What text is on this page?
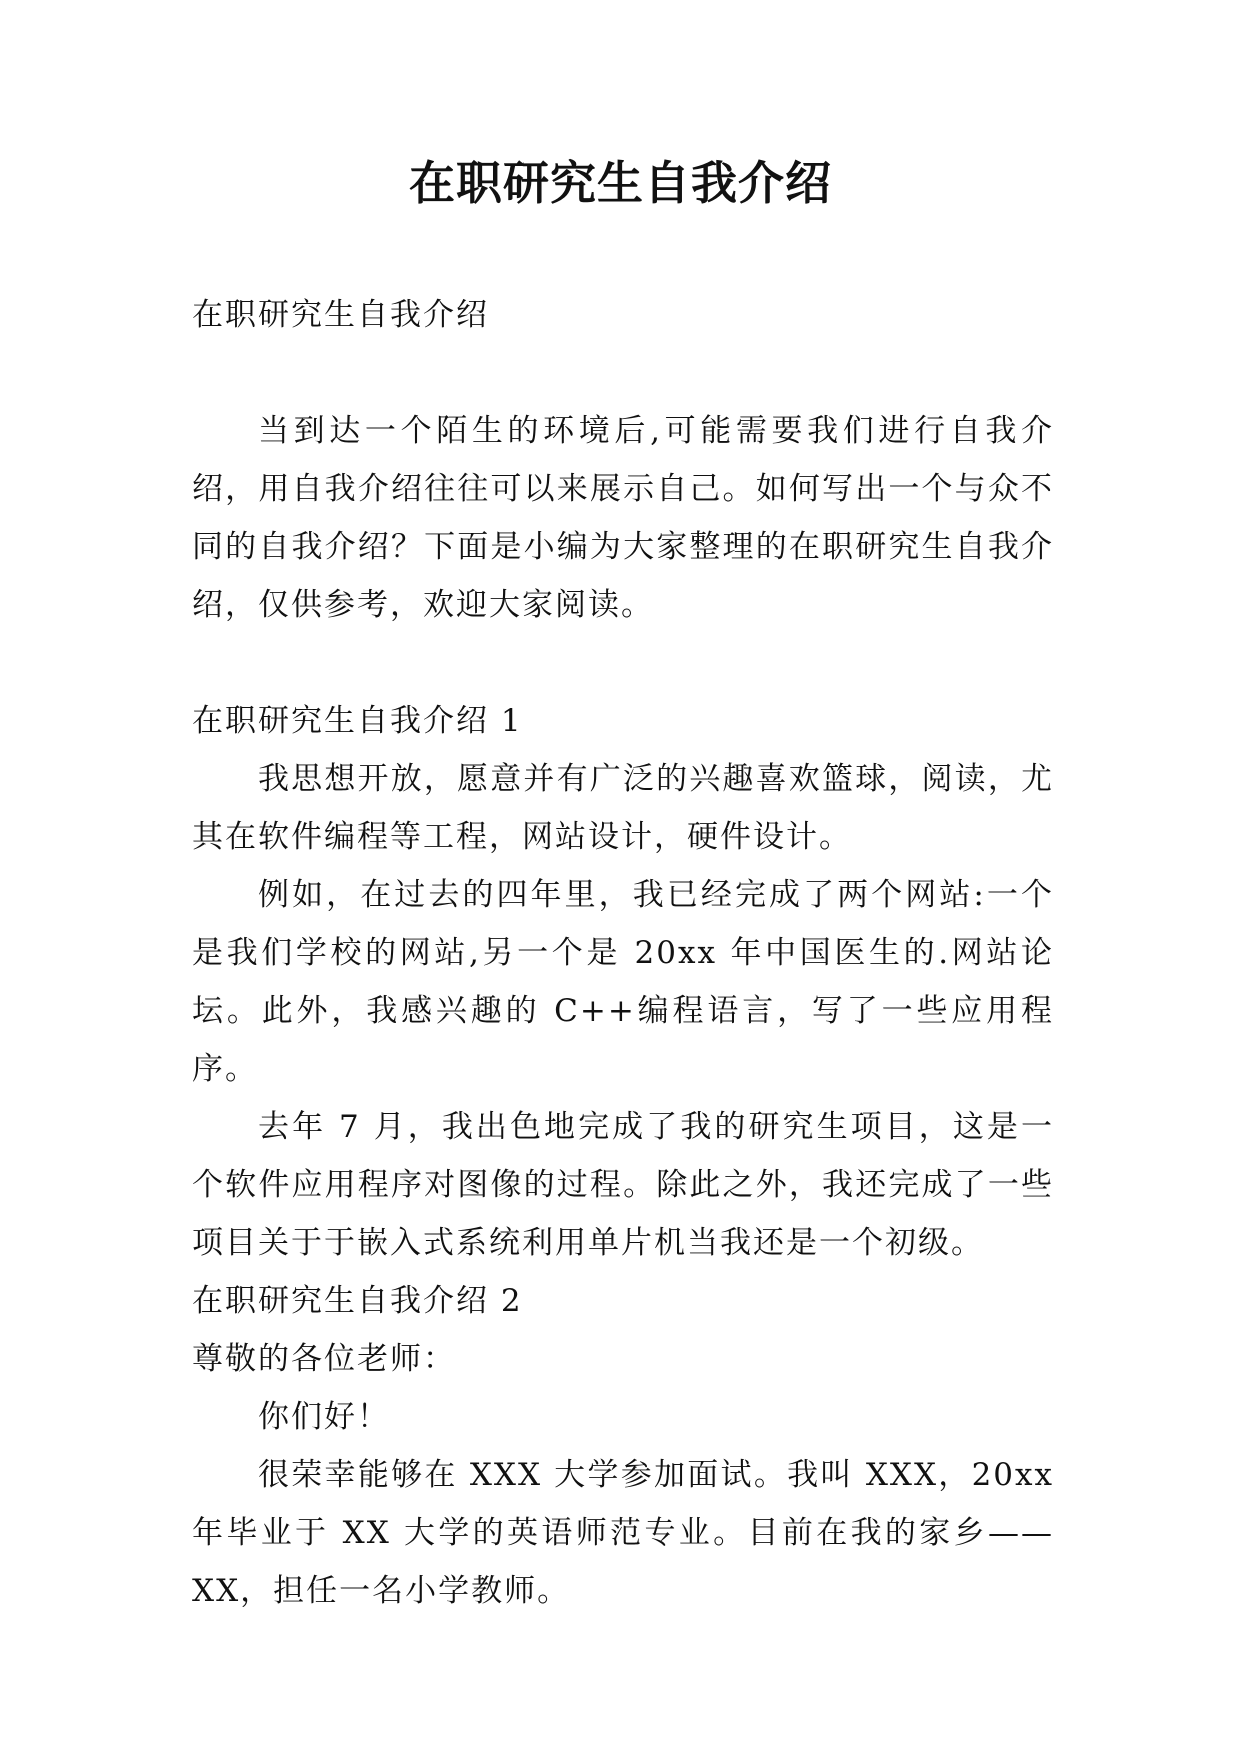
在职研究生自我介绍

在职研究生自我介绍

当到达一个陌生的环境后,可能需要我们进行自我介绍，用自我介绍往往可以来展示自己。如何写出一个与众不同的自我介绍？下面是小编为大家整理的在职研究生自我介绍，仅供参考，欢迎大家阅读。

在职研究生自我介绍 1

我思想开放，愿意并有广泛的兴趣喜欢篮球，阅读，尤其在软件编程等工程，网站设计，硬件设计。

例如，在过去的四年里，我已经完成了两个网站:一个是我们学校的网站,另一个是 20xx 年中国医生的.网站论坛。此外，我感兴趣的 C++编程语言，写了一些应用程序。

去年 7 月，我出色地完成了我的研究生项目，这是一个软件应用程序对图像的过程。除此之外，我还完成了一些项目关于于嵌入式系统利用单片机当我还是一个初级。

在职研究生自我介绍 2

尊敬的各位老师：

你们好！

很荣幸能够在 XXX 大学参加面试。我叫 XXX，20xx 年毕业于 XX 大学的英语师范专业。目前在我的家乡——XX，担任一名小学教师。
